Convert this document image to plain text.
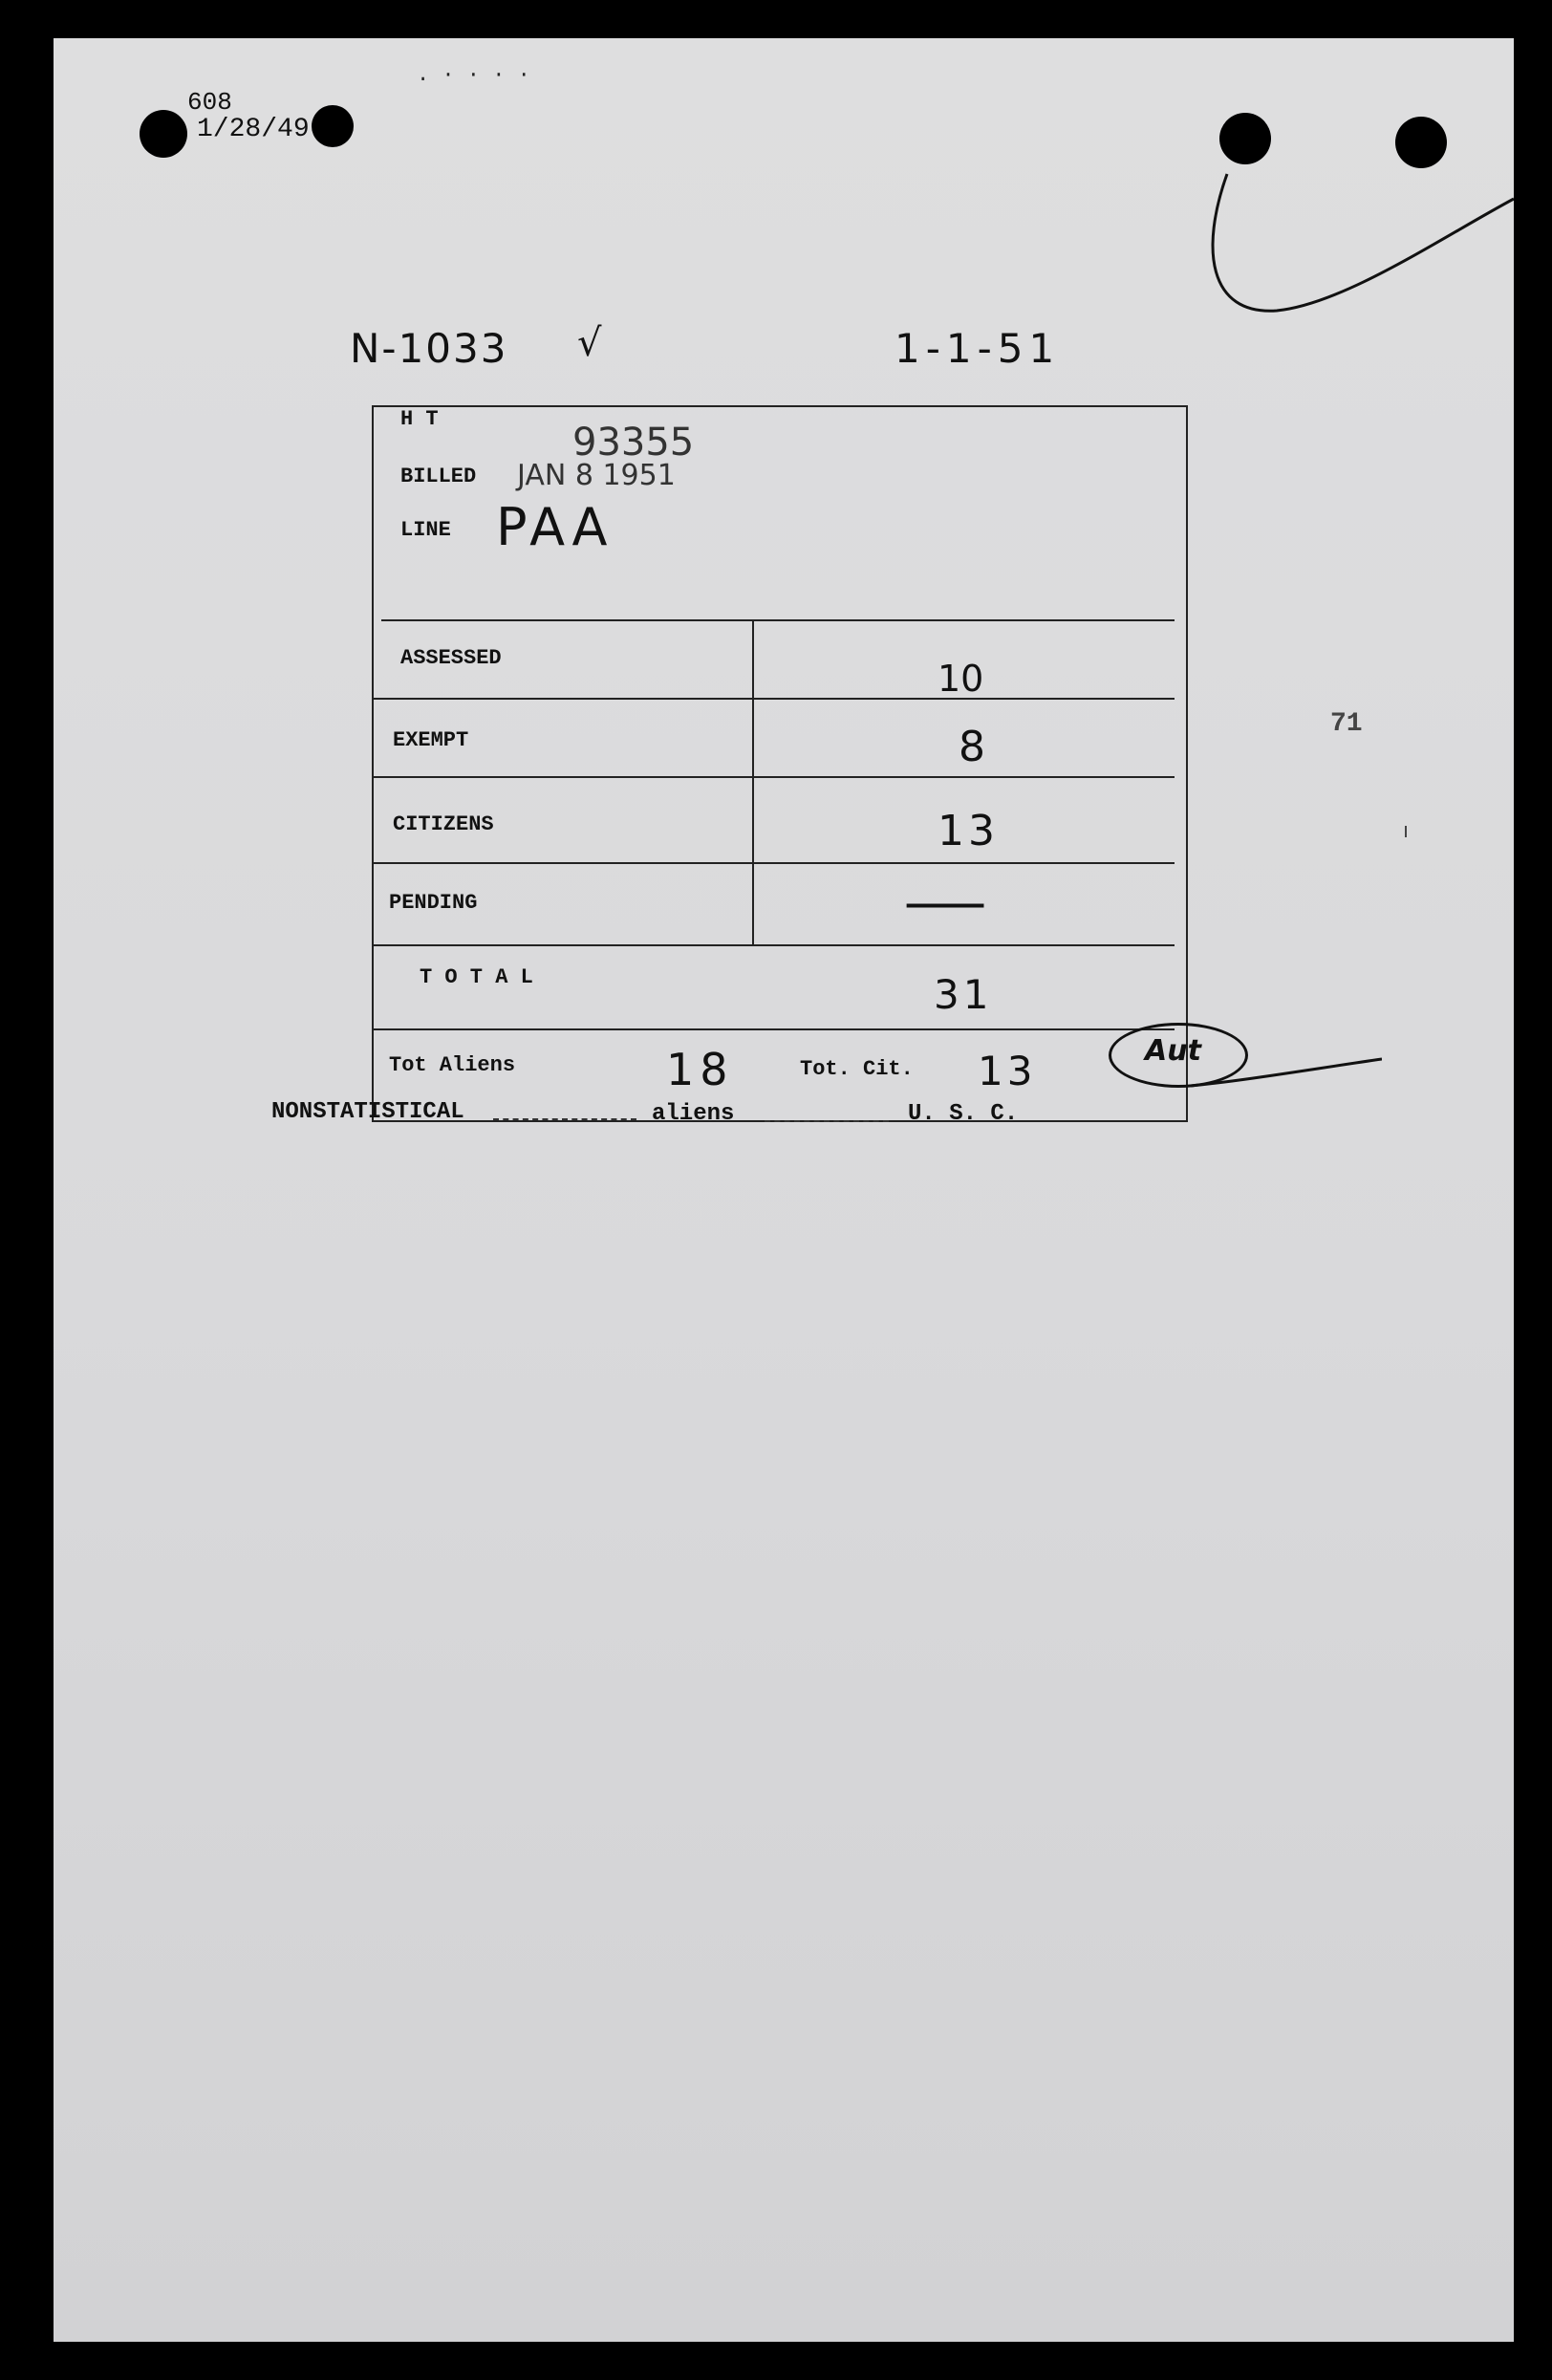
608
1/28/49
. · · · ·
N-1033 √	1-1-51
H T
93355
BILLED JAN 8 1951
LINE PAA
ASSESSED	10
EXEMPT	8
CITIZENS	13
PENDING	—
T O T A L	31
Tot Aliens	18	Tot. Cit. 13	Aut
71
NONSTATISTICAL	aliens	U. S. C.
